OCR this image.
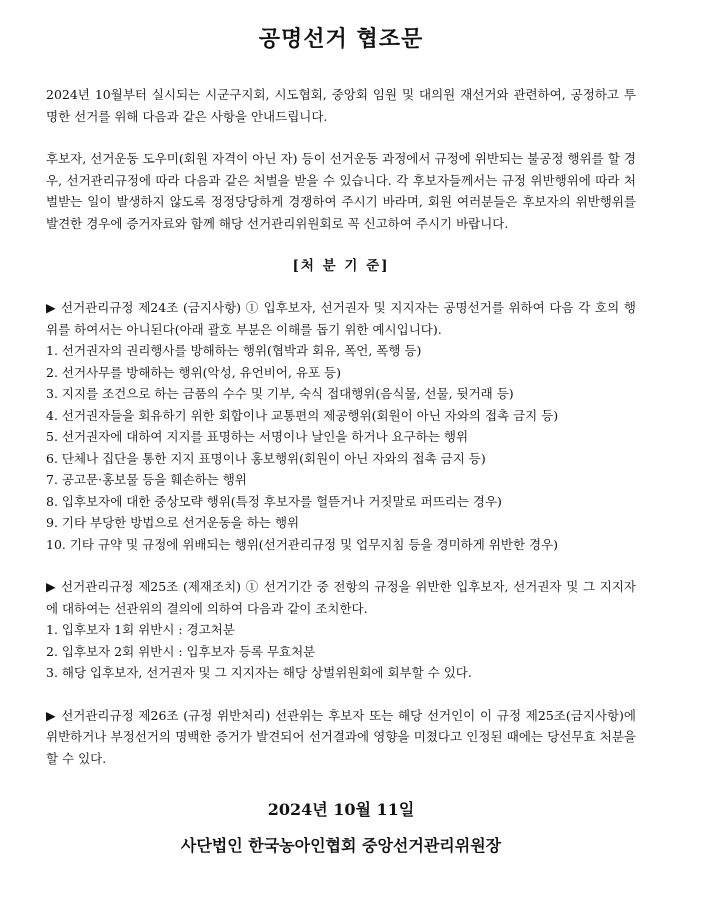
공명선거 협조문

2024년 10월부터 실시되는 시군구지회, 시도협회, 중앙회 임원 및 대의원 재선거와 관련하여, 공정하고 투명한 선거를 위해 다음과 같은 사항을 안내드립니다.

후보자, 선거운동 도우미(회원 자격이 아닌 자) 등이 선거운동 과정에서 규정에 위반되는 불공정 행위를 할 경우, 선거관리규정에 따라 다음과 같은 처벌을 받을 수 있습니다. 각 후보자들께서는 규정 위반행위에 따라 처벌받는 일이 발생하지 않도록 정정당당하게 경쟁하여 주시기 바라며, 회원 여러분들은 후보자의 위반행위를 발견한 경우에 증거자료와 함께 해당 선거관리위원회로 꼭 신고하여 주시기 바랍니다.

[처 분 기 준]

▶ 선거관리규정 제24조 (금지사항) ① 입후보자, 선거권자 및 지지자는 공명선거를 위하여 다음 각 호의 행위를 하여서는 아니된다(아래 괄호 부분은 이해를 돕기 위한 예시입니다).

1. 선거권자의 권리행사를 방해하는 행위(협박과 회유, 폭언, 폭행 등)
2. 선거사무를 방해하는 행위(악성, 유언비어, 유포 등)
3. 지지를 조건으로 하는 금품의 수수 및 기부, 숙식 접대행위(음식물, 선물, 뒷거래 등)
4. 선거권자들을 회유하기 위한 회합이나 교통편의 제공행위(회원이 아닌 자와의 접촉 금지 등)
5. 선거권자에 대하여 지지를 표명하는 서명이나 날인을 하거나 요구하는 행위
6. 단체나 집단을 통한 지지 표명이나 홍보행위(회원이 아닌 자와의 접촉 금지 등)
7. 공고문·홍보물 등을 훼손하는 행위
8. 입후보자에 대한 중상모략 행위(특정 후보자를 헐뜯거나 거짓말로 퍼뜨리는 경우)
9. 기타 부당한 방법으로 선거운동을 하는 행위
10. 기타 규약 및 규정에 위배되는 행위(선거관리규정 및 업무지침 등을 경미하게 위반한 경우)

▶ 선거관리규정 제25조 (제재조치) ① 선거기간 중 전항의 규정을 위반한 입후보자, 선거권자 및 그 지지자에 대하여는 선관위의 결의에 의하여 다음과 같이 조치한다.

1. 입후보자 1회 위반시 : 경고처분
2. 입후보자 2회 위반시 : 입후보자 등록 무효처분
3. 해당 입후보자, 선거권자 및 그 지지자는 해당 상벌위원회에 회부할 수 있다.

▶ 선거관리규정 제26조 (규정 위반처리) 선관위는 후보자 또는 해당 선거인이 이 규정 제25조(금지사항)에 위반하거나 부정선거의 명백한 증거가 발견되어 선거결과에 영향을 미쳤다고 인정된 때에는 당선무효 처분을 할 수 있다.

2024년 10월 11일
사단법인 한국농아인협회 중앙선거관리위원장
